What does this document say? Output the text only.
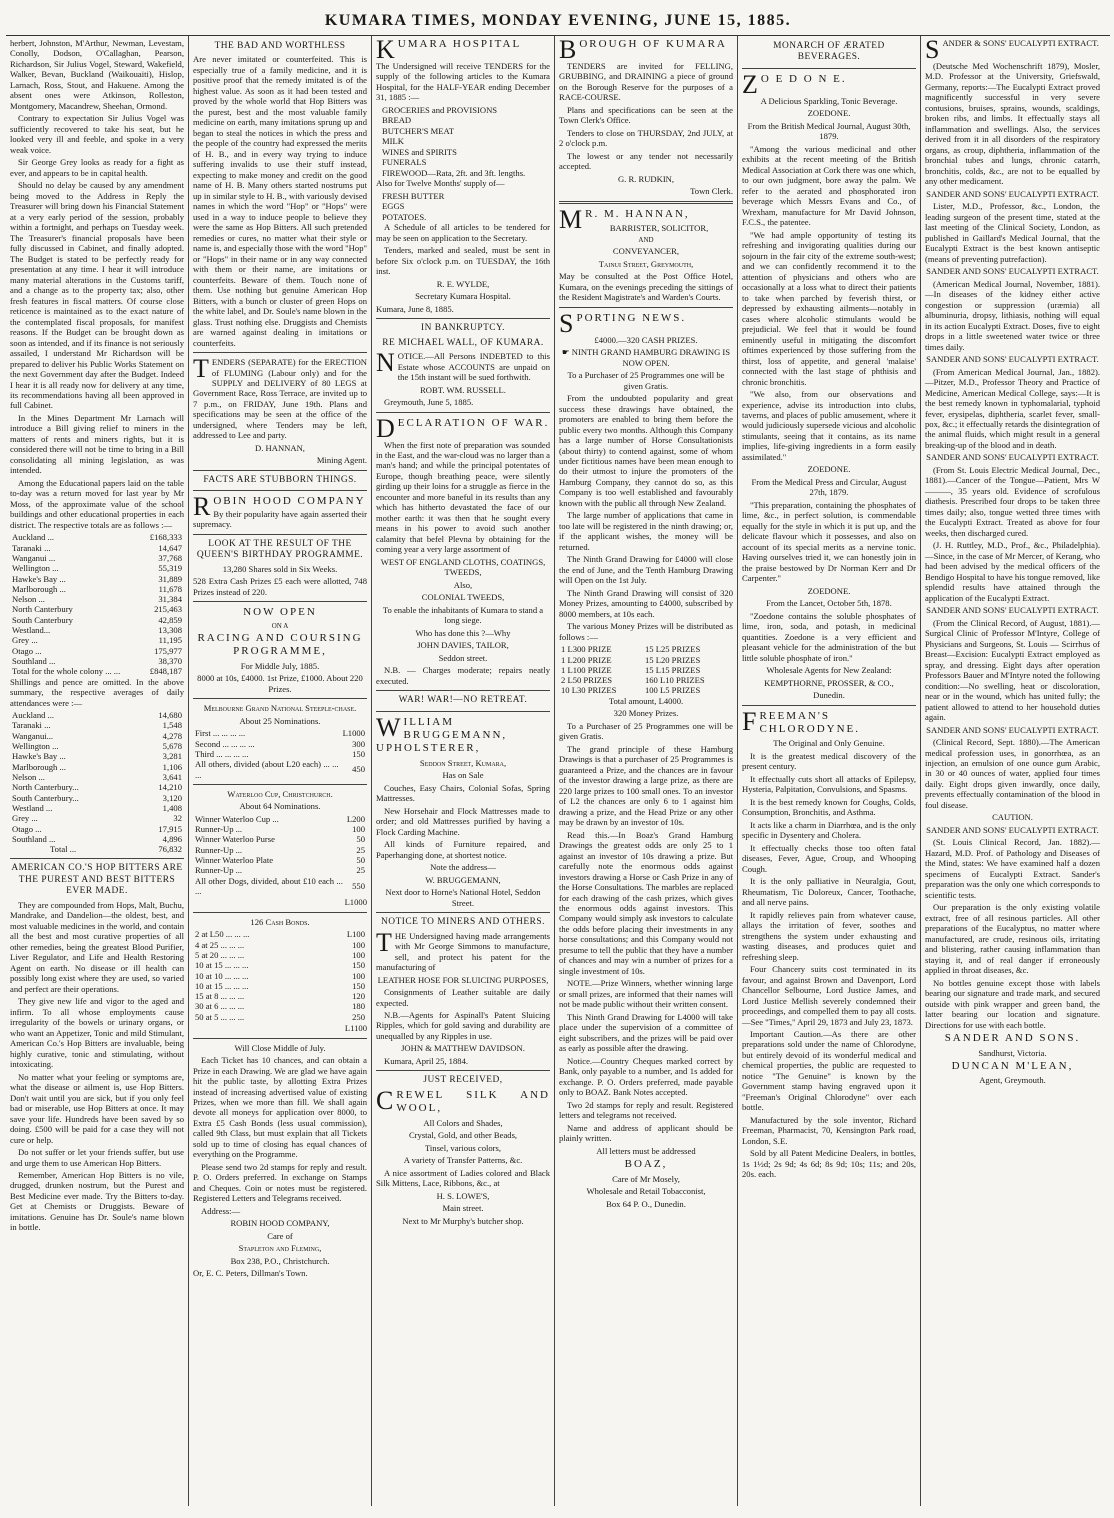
KUMARA TIMES, MONDAY EVENING, JUNE 15, 1885.

herbert, Johnston, M'Arthur, Newman, Levestam, Conolly, Dodson, O'Callaghan, Pearson, Richardson, Sir Julius Vogel, Steward, Wakefield, Walker, Bevan, Buckland (Waikouaiti), Hislop, Larnach, Ross, Stout, and Hakuene. Among the absent ones were Atkinson, Rolleston, Montgomery, Macandrew, Sheehan, Ormond.

Contrary to expectation Sir Julius Vogel was sufficiently recovered to take his seat, but he looked very ill and feeble, and spoke in a very weak voice.

Sir George Grey looks as ready for a fight as ever, and appears to be in capital health.

Should no delay be caused by any amendment being moved to the Address in Reply the Treasurer will bring down his Financial Statement at a very early period of the session, probably within a fortnight, and perhaps on Tuesday week. The Treasurer's financial proposals have been fully discussed in Cabinet, and finally adopted. The Budget is stated to be perfectly ready for presentation at any time. I hear it will introduce many material alterations in the Customs tariff, and a change as to the property tax; also, other fresh features in fiscal matters. Of course close reticence is maintained as to the exact nature of the contemplated fiscal proposals, for manifest reasons. If the Budget can be brought down as soon as intended, and if its finance is not seriously assailed, I understand Mr Richardson will be prepared to deliver his Public Works Statement on the next Government day after the Budget. Indeed I hear it is all ready now for delivery at any time, its recommendations having all been approved in full Cabinet.

In the Mines Department Mr Larnach will introduce a Bill giving relief to miners in the matters of rents and miners rights, but it is considered there will not be time to bring in a Bill consolidating all mining legislation, as was intended.

Among the Educational papers laid on the table to-day was a return moved for last year by Mr Moss, of the approximate value of the school buildings and other educational properties in each district. The respective totals are as follows :—

Auckland ...	£168,333
Taranaki ...	14,647
Wanganui ...	37,768
Wellington ...	55,319
Hawke's Bay ...	31,889
Marlborough ...	11,678
Nelson ...	31,384
North Canterbury	215,463
South Canterbury	42,859
Westland...	13,308
Grey ...	11,195
Otago ...	175,977
Southland ...	38,370
Total for the whole colony ... ...	£848,187

Shillings and pence are omitted. In the above summary, the respective averages of daily attendances were :—

Auckland ...	14,680
Taranaki ...	1,548
Wanganui...	4,278
Wellington ...	5,678
Hawke's Bay ...	3,281
Marlborough ...	1,106
Nelson ...	3,641
North Canterbury...	14,210
South Canterbury...	3,120
Westland ...	1,408
Grey ...	32
Otago ...	17,915
Southland ...	4,896
Total ...	76,832
AMERICAN CO.'S HOP BITTERS ARE THE PUREST AND BEST BITTERS EVER MADE.

They are compounded from Hops, Malt, Buchu, Mandrake, and Dandelion—the oldest, best, and most valuable medicines in the world, and contain all the best and most curative properties of all other remedies, being the greatest Blood Purifier, Liver Regulator, and Life and Health Restoring Agent on earth. No disease or ill health can possibly long exist where they are used, so varied and perfect are their operations.

They give new life and vigor to the aged and infirm. To all whose employments cause irregularity of the bowels or urinary organs, or who want an Appetizer, Tonic and mild Stimulant, American Co.'s Hop Bitters are invaluable, being highly curative, tonic and stimulating, without intoxicating.

No matter what your feeling or symptoms are, what the disease or ailment is, use Hop Bitters. Don't wait until you are sick, but if you only feel bad or miserable, use Hop Bitters at once. It may save your life. Hundreds have been saved by so doing. £500 will be paid for a case they will not cure or help.

Do not suffer or let your friends suffer, but use and urge them to use American Hop Bitters.

Remember, American Hop Bitters is no vile, drugged, drunken nostrum, but the Purest and Best Medicine ever made. Try the Bitters to-day. Get at Chemists or Druggists. Beware of imitations. Genuine has Dr. Soule's name blown in bottle.

THE BAD AND WORTHLESS

Are never imitated or counterfeited. This is especially true of a family medicine, and it is positive proof that the remedy imitated is of the highest value. As soon as it had been tested and proved by the whole world that Hop Bitters was the purest, best and the most valuable family medicine on earth, many imitations sprung up and began to steal the notices in which the press and the people of the country had expressed the merits of H. B., and in every way trying to induce suffering invalids to use their stuff instead, expecting to make money and credit on the good name of H. B. Many others started nostrums put up in similar style to H. B., with variously devised names in which the word "Hop" or "Hops" were used in a way to induce people to believe they were the same as Hop Bitters. All such pretended remedies or cures, no matter what their style or name is, and especially those with the word "Hop" or "Hops" in their name or in any way connected with them or their name, are imitations or counterfeits. Beware of them. Touch none of them. Use nothing but genuine American Hop Bitters, with a bunch or cluster of green Hops on the white label, and Dr. Soule's name blown in the glass. Trust nothing else. Druggists and Chemists are warned against dealing in imitations or counterfeits.

TENDERS (SEPARATE) for the ERECTION of FLUMING (Labour only) and for the SUPPLY and DELIVERY of 80 LEGS at Government Race, Ross Terrace, are invited up to 7 p.m., on FRIDAY, June 19th. Plans and specifications may be seen at the office of the undersigned, where Tenders may be left, addressed to Lee and party.

D. HANNAN,

Mining Agent.

FACTS ARE STUBBORN THINGS.

ROBIN HOOD COMPANY
By their popularity have again asserted their supremacy.

LOOK AT THE RESULT OF THE QUEEN'S BIRTHDAY PROGRAMME.

13,280 Shares sold in Six Weeks.

528 Extra Cash Prizes £5 each were allotted, 748 Prizes instead of 220.

NOW OPEN

ON A

RACING AND COURSING PROGRAMME,

For Middle July, 1885.

8000 at 10s, £4000. 1st Prize, £1000. About 220 Prizes.

Melbourne Grand National Steeple-chase.

About 25 Nominations.

First ... ... ... ...	L1000
Second ... ... ... ...	300
Third ... ... ... ...	150
All others, divided (about L20 each) ... ... ...	450

Waterloo Cup, Christchurch.

About 64 Nominations.

Winner Waterloo Cup ...	L200
Runner-Up ...	100
Winner Waterloo Purse	50
Runner-Up ...	25
Winner Waterloo Plate	50
Runner-Up ...	25
All other Dogs, divided, about £10 each ... ...	550

L1000

126 Cash Bonds.

2 at L50 ... ... ...	L100
4 at 25 ... ... ...	100
5 at 20 ... ... ...	100
10 at 15 ... ... ...	150
10 at 10 ... ... ...	100
10 at 15 ... ... ...	150
15 at 8 ... ... ...	120
30 at 6 ... ... ...	180
50 at 5 ... ... ...	250

L1100

Will Close Middle of July.

Each Ticket has 10 chances, and can obtain a Prize in each Drawing. We are glad we have again hit the public taste, by allotting Extra Prizes instead of increasing advertised value of existing Prizes, when we more than fill. We shall again devote all moneys for application over 8000, to Extra £5 Cash Bonds (less usual commission), called 9th Class, but must explain that all Tickets sold up to time of closing has equal chances of everything on the Programme.

Please send two 2d stamps for reply and result. P. O. Orders preferred. In exchange on Stamps and Cheques. Coin or notes must be registered. Registered Letters and Telegrams received.

Address:—

ROBIN HOOD COMPANY,

Care of

Stapleton and Fleming,

Box 238, P.O., Christchurch.

Or, E. C. Peters, Dillman's Town.

KUMARA HOSPITAL

The Undersigned will receive TENDERS for the supply of the following articles to the Kumara Hospital, for the HALF-YEAR ending December 31, 1885 :—

GROCERIES and PROVISIONS

BREAD

BUTCHER'S MEAT

MILK

WINES and SPIRITS

FUNERALS

FIREWOOD—Rata, 2ft. and 3ft. lengths.

Also for Twelve Months' supply of—

FRESH BUTTER

EGGS

POTATOES.

A Schedule of all articles to be tendered for may be seen on application to the Secretary.

Tenders, marked and sealed, must be sent in before Six o'clock p.m. on TUESDAY, the 16th inst.

R. E. WYLDE,

Secretary Kumara Hospital.

Kumara, June 8, 1885.

IN BANKRUPTCY.
RE MICHAEL WALL, OF KUMARA.

NOTICE.—All Persons INDEBTED to this Estate whose ACCOUNTS are unpaid on the 15th instant will be sued forthwith.

ROBT. WM. RUSSELL.

Greymouth, June 5, 1885.

DECLARATION OF WAR.

When the first note of preparation was sounded in the East, and the war-cloud was no larger than a man's hand; and while the principal potentates of Europe, though breathing peace, were silently girding up their loins for a struggle as fierce in the encounter and more baneful in its results than any which has hitherto devastated the face of our mother earth: it was then that he sought every means in his power to avoid such another calamity that befel Plevna by obtaining for the coming year a very large assortment of

WEST OF ENGLAND CLOTHS, COATINGS, TWEEDS,

Also,

COLONIAL TWEEDS,

To enable the inhabitants of Kumara to stand a long siege.

Who has done this ?—Why

JOHN DAVIES, TAILOR,

Seddon street.

N.B. — Charges moderate; repairs neatly executed.

WAR! WAR!—NO RETREAT.

WILLIAM BRUGGEMANN, UPHOLSTERER,

Seddon Street, Kumara,

Has on Sale

Couches, Easy Chairs, Colonial Sofas, Spring Mattresses.

New Horsehair and Flock Mattresses made to order; and old Mattresses purified by having a Flock Carding Machine.

All kinds of Furniture repaired, and Paperhanging done, at shortest notice.

Note the address—

W. BRUGGEMANN,

Next door to Horne's National Hotel, Seddon Street.

NOTICE TO MINERS AND OTHERS.

THE Undersigned having made arrangements with Mr George Simmons to manufacture, sell, and protect his patent for the manufacturing of

LEATHER HOSE FOR SLUICING PURPOSES,

Consignments of Leather suitable are daily expected.

N.B.—Agents for Aspinall's Patent Sluicing Ripples, which for gold saving and durability are unequalled by any Ripples in use.

JOHN & MATTHEW DAVIDSON.

Kumara, April 25, 1884.

JUST RECEIVED,

CREWEL SILK AND WOOL,

All Colors and Shades,

Crystal, Gold, and other Beads,

Tinsel, various colors,

A variety of Transfer Patterns, &c.

A nice assortment of Ladies colored and Black Silk Mittens, Lace, Ribbons, &c., at

H. S. LOWE'S,

Main street.

Next to Mr Murphy's butcher shop.

BOROUGH OF KUMARA

TENDERS are invited for FELLING, GRUBBING, and DRAINING a piece of ground on the Borough Reserve for the purposes of a RACE-COURSE.

Plans and specifications can be seen at the Town Clerk's Office.

Tenders to close on THURSDAY, 2nd JULY, at 2 o'clock p.m.

The lowest or any tender not necessarily accepted.

G. R. RUDKIN,

Town Clerk.

M R. M. HANNAN,

BARRISTER, SOLICITOR,

AND

CONVEYANCER,

Tainui Street, Greymouth,

May be consulted at the Post Office Hotel, Kumara, on the evenings preceding the sittings of the Resident Magistrate's and Warden's Courts.

SPORTING NEWS.

£4000.—320 CASH PRIZES.

☛ NINTH GRAND HAMBURG DRAWING IS NOW OPEN.

To a Purchaser of 25 Programmes one will be given Gratis.

From the undoubted popularity and great success these drawings have obtained, the promoters are enabled to bring them before the public every two months. Although this Company has a large number of Horse Consultationists (about thirty) to contend against, some of whom under fictitious names have been mean enough to do their utmost to injure the promoters of the Hamburg Company, they cannot do so, as this Company is too well established and favourably known with the public all through New Zealand.

The large number of applications that came in too late will be registered in the ninth drawing; or, if the applicant wishes, the money will be returned.

The Ninth Grand Drawing for £4000 will close the end of June, and the Tenth Hamburg Drawing will Open on the 1st July.

The Ninth Grand Drawing will consist of 320 Money Prizes, amounting to £4000, subscribed by 8000 members, at 10s each.

The various Money Prizes will be distributed as follows :—

1 L300 PRIZE	15 L25 PRIZES
1 L200 PRIZE	15 L20 PRIZES
1 L100 PRIZE	15 L15 PRIZES
2 L50 PRIZES	160 L10 PRIZES
10 L30 PRIZES	100 L5 PRIZES

Total amount, L4000.

320 Money Prizes.

To a Purchaser of 25 Programmes one will be given Gratis.

The grand principle of these Hamburg Drawings is that a purchaser of 25 Programmes is guaranteed a Prize, and the chances are in favour of the investor drawing a large prize, as there are 220 large prizes to 100 small ones. To an investor of L2 the chances are only 6 to 1 against him drawing a prize, and the Head Prize or any other may be drawn by an investor of 10s.

Read this.—In Boaz's Grand Hamburg Drawings the greatest odds are only 25 to 1 against an investor of 10s drawing a prize. But carefully note the enormous odds against investors drawing a Horse or Cash Prize in any of the Horse Consultations. The marbles are replaced for each drawing of the cash prizes, which gives the enormous odds against investors. This Company would simply ask investors to calculate the odds before placing their investments in any horse consultations; and this Company would not presume to tell the public that they have a number of chances and may win a number of prizes for a single investment of 10s.

NOTE.—Prize Winners, whether winning large or small prizes, are informed that their names will not be made public without their written consent.

This Ninth Grand Drawing for L4000 will take place under the supervision of a committee of eight subscribers, and the prizes will be paid over as early as possible after the drawing.

Notice.—Country Cheques marked correct by Bank, only payable to a number, and 1s added for exchange. P. O. Orders preferred, made payable only to BOAZ. Bank Notes accepted.

Two 2d stamps for reply and result. Registered letters and telegrams not received.

Name and address of applicant should be plainly written.

All letters must be addressed

BOAZ,

Care of Mr Mosely,

Wholesale and Retail Tobacconist,

Box 64 P. O., Dunedin.

MONARCH OF ÆRATED BEVERAGES.

Z O E D O N E.

A Delicious Sparkling, Tonic Beverage.

ZOEDONE.

From the British Medical Journal, August 30th, 1879.

"Among the various medicinal and other exhibits at the recent meeting of the British Medical Association at Cork there was one which, to our own judgment, bore away the palm. We refer to the aerated and phosphorated iron beverage which Messrs Evans and Co., of Wrexham, manufacture for Mr David Johnson, F.C.S., the patentee.

"We had ample opportunity of testing its refreshing and invigorating qualities during our sojourn in the fair city of the extreme south-west; and we can confidently recommend it to the attention of physicians and others who are occasionally at a loss what to direct their patients to take when parched by feverish thirst, or depressed by exhausting ailments—notably in cases where alcoholic stimulants would be prejudicial. We feel that it would be found eminently useful in mitigating the discomfort oftimes experienced by those suffering from the thirst, loss of appetite, and general 'malaise' connected with the last stage of phthisis and chronic bronchitis.

"We also, from our observations and experience, advise its introduction into clubs, taverns, and places of public amusement, where it would judiciously supersede vicious and alcoholic stimulants, seeing that it contains, as its name implies, life-giving ingredients in a form easily assimilated."

ZOEDONE.

From the Medical Press and Circular, August 27th, 1879.

"This preparation, containing the phosphates of lime, &c., in perfect solution, is commendable equally for the style in which it is put up, and the delicate flavour which it possesses, and also on account of its special merits as a nervine tonic. Having ourselves tried it, we can honestly join in the praise bestowed by Dr Norman Kerr and Dr Carpenter."

ZOEDONE.

From the Lancet, October 5th, 1878.

"Zoedone contains the soluble phosphates of lime, iron, soda, and potash, in medicinal quantities. Zoedone is a very efficient and pleasant vehicle for the administration of the but little soluble phosphate of iron."

Wholesale Agents for New Zealand:

KEMPTHORNE, PROSSER, & CO.,

Dunedin.

FREEMAN'S CHLORODYNE.

The Original and Only Genuine.

It is the greatest medical discovery of the present century.

It effectually cuts short all attacks of Epilepsy, Hysteria, Palpitation, Convulsions, and Spasms.

It is the best remedy known for Coughs, Colds, Consumption, Bronchitis, and Asthma.

It acts like a charm in Diarrhœa, and is the only specific in Dysentery and Cholera.

It effectually checks those too often fatal diseases, Fever, Ague, Croup, and Whooping Cough.

It is the only palliative in Neuralgia, Gout, Rheumatism, Tic Doloreux, Cancer, Toothache, and all nerve pains.

It rapidly relieves pain from whatever cause, allays the irritation of fever, soothes and strengthens the system under exhausting and wasting diseases, and produces quiet and refreshing sleep.

Four Chancery suits cost terminated in its favour, and against Brown and Davenport, Lord Chancellor Selbourne, Lord Justice James, and Lord Justice Mellish severely condemned their proceedings, and compelled them to pay all costs.—See "Times," April 29, 1873 and July 23, 1873.

Important Caution.—As there are other preparations sold under the name of Chlorodyne, but entirely devoid of its wonderful medical and chemical properties, the public are requested to notice "The Genuine" is known by the Government stamp having engraved upon it "Freeman's Original Chlorodyne" over each bottle.

Manufactured by the sole inventor, Richard Freeman, Pharmacist, 70, Kensington Park road, London, S.E.

Sold by all Patent Medicine Dealers, in bottles, 1s 1½d; 2s 9d; 4s 6d; 8s 9d; 10s; 11s; and 20s, 20s. each.

SANDER & SONS' EUCALYPTI EXTRACT.

(Deutsche Med Wochenschrift 1879), Mosler, M.D. Professor at the University, Griefswald, Germany, reports:—The Eucalypti Extract proved magnificently successful in very severe contusions, bruises, sprains, wounds, scaldings, broken ribs, and limbs. It effectually stays all inflammation and swellings. Also, the services derived from it in all disorders of the respiratory organs, as croup, diphtheria, inflammation of the bronchial tubes and lungs, chronic catarrh, bronchitis, colds, &c., are not to be equalled by any other medicament.

SANDER AND SONS' EUCALYPTI EXTRACT.

Lister, M.D., Professor, &c., London, the leading surgeon of the present time, stated at the last meeting of the Clinical Society, London, as published in Gaillard's Medical Journal, that the Eucalypti Extract is the best known antiseptic (means of preventing putrefaction).

SANDER AND SONS' EUCALYPTI EXTRACT.

(American Medical Journal, November, 1881).—In diseases of the kidney either active congestion or suppression (uræmia) all albuminuria, dropsy, lithiasis, nothing will equal in its action Eucalypti Extract. Doses, five to eight drops in a little sweetened water twice or three times daily.

SANDER AND SONS' EUCALYPTI EXTRACT.

(From American Medical Journal, Jan., 1882).—Pitzer, M.D., Professor Theory and Practice of Medicine, American Medical College, says:—It is the best remedy known in typhomalarial, typhoid fever, erysipelas, diphtheria, scarlet fever, small-pox, &c.; it effectually retards the disintegration of the animal fluids, which might result in a general breaking-up of the blood and in death.

SANDER AND SONS' EUCALYPTI EXTRACT.

(From St. Louis Electric Medical Journal, Dec., 1881).—Cancer of the Tongue—Patient, Mrs W———, 35 years old. Evidence of scrofulous diathesis. Prescribed four drops to be taken three times daily; also, tongue wetted three times with the Eucalypti Extract. Treated as above for four weeks, then discharged cured.

(J. H. Ruttley, M.D., Prof., &c., Philadelphia).—Since, in the case of Mr Mercer, of Kerang, who had been advised by the medical officers of the Bendigo Hospital to have his tongue removed, like splendid results have attained through the application of the Eucalypti Extract.

SANDER AND SONS' EUCALYPTI EXTRACT.

(From the Clinical Record, of August, 1881).—Surgical Clinic of Professor M'Intyre, College of Physicians and Surgeons, St. Louis — Scirrhus of Breast—Excision: Eucalypti Extract employed as spray, and dressing. Eight days after operation Professors Bauer and M'Intyre noted the following condition:—No swelling, heat or discoloration, near or in the wound, which has united fully; the patient allowed to attend to her household duties again.

SANDER AND SONS' EUCALYPTI EXTRACT.

(Clinical Record, Sept. 1880).—The American medical profession uses, in gonorrhœa, as an injection, an emulsion of one ounce gum Arabic, in 30 or 40 ounces of water, applied four times daily. Eight drops given inwardly, once daily, prevents effectually contamination of the blood in foul disease.

CAUTION.

SANDER AND SONS' EUCALYPTI EXTRACT.

(St. Louis Clinical Record, Jan. 1882).—Hazard, M.D. Prof. of Pathology and Diseases of the Mind, states: We have examined half a dozen specimens of Eucalypti Extract. Sander's preparation was the only one which corresponds to scientific tests.

Our preparation is the only existing volatile extract, free of all resinous particles. All other preparations of the Eucalyptus, no matter where manufactured, are crude, resinous oils, irritating and blistering, rather causing inflammation than staying it, and of real danger if erroneously applied in throat diseases, &c.

No bottles genuine except those with labels bearing our signature and trade mark, and secured outside with pink wrapper and green band, the latter bearing our location and signature. Directions for use with each bottle.

SANDER AND SONS.

Sandhurst, Victoria.

DUNCAN M'LEAN,

Agent, Greymouth.
